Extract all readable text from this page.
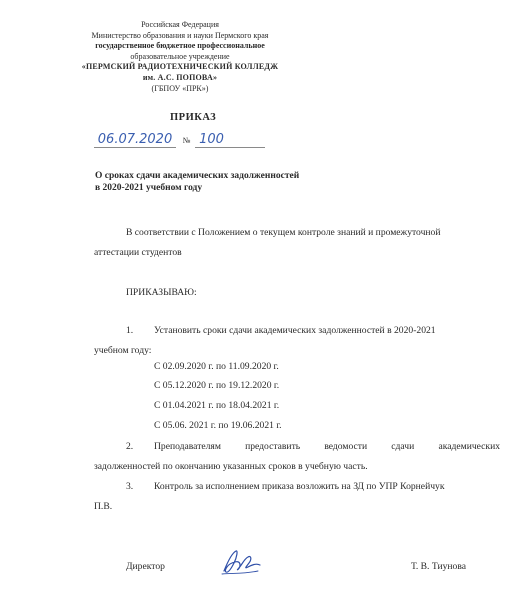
Российская Федерация
Министерство образования и науки Пермского края
государственное бюджетное профессиональное
образовательное учреждение
«ПЕРМСКИЙ РАДИОТЕХНИЧЕСКИЙ КОЛЛЕДЖ
им. А.С. ПОПОВА»
(ГБПОУ «ПРК»)
ПРИКАЗ
06.07.2020 № 100
О сроках сдачи академических задолженностей
в 2020-2021 учебном году
В соответствии с Положением о текущем контроле знаний и промежуточной
аттестации студентов
ПРИКАЗЫВАЮ:
1. Установить сроки сдачи академических задолженностей в 2020-2021
учебном году:
С 02.09.2020 г. по 11.09.2020 г.
С 05.12.2020 г. по 19.12.2020 г.
С 01.04.2021 г. по 18.04.2021 г.
С 05.06. 2021 г. по 19.06.2021 г.
2. Преподавателям предоставить ведомости сдачи академических
задолженностей по окончанию указанных сроков в учебную часть.
3. Контроль за исполнением приказа возложить на ЗД по УПР Корнейчук
П.В.
Директор	Т. В. Тиунова
